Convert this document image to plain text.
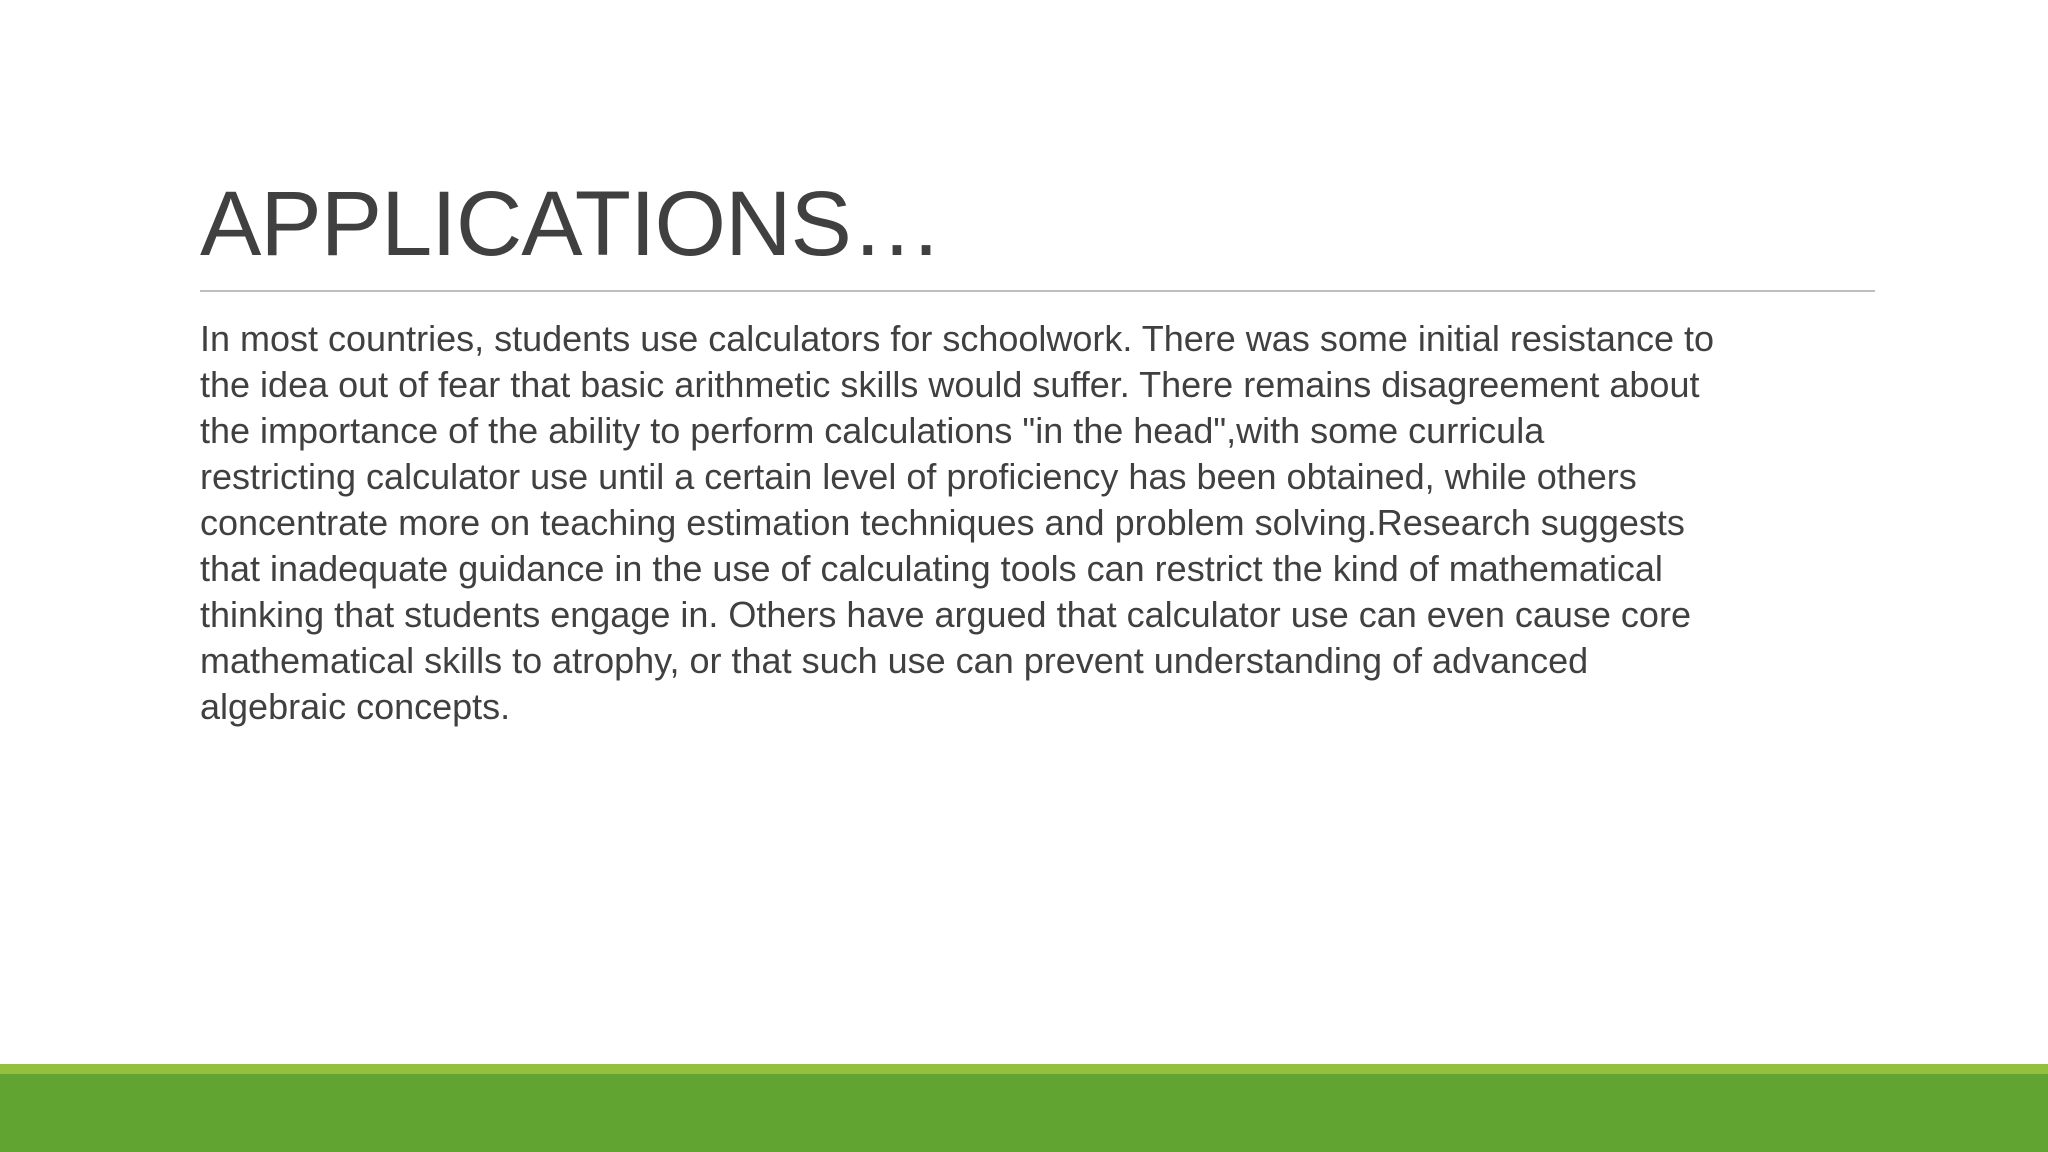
APPLICATIONS…

In most countries, students use calculators for schoolwork. There was some initial resistance to
the idea out of fear that basic arithmetic skills would suffer. There remains disagreement about
the importance of the ability to perform calculations "in the head",with some curricula
restricting calculator use until a certain level of proficiency has been obtained, while others
concentrate more on teaching estimation techniques and problem solving.Research suggests
that inadequate guidance in the use of calculating tools can restrict the kind of mathematical
thinking that students engage in. Others have argued that calculator use can even cause core
mathematical skills to atrophy, or that such use can prevent understanding of advanced
algebraic concepts.
